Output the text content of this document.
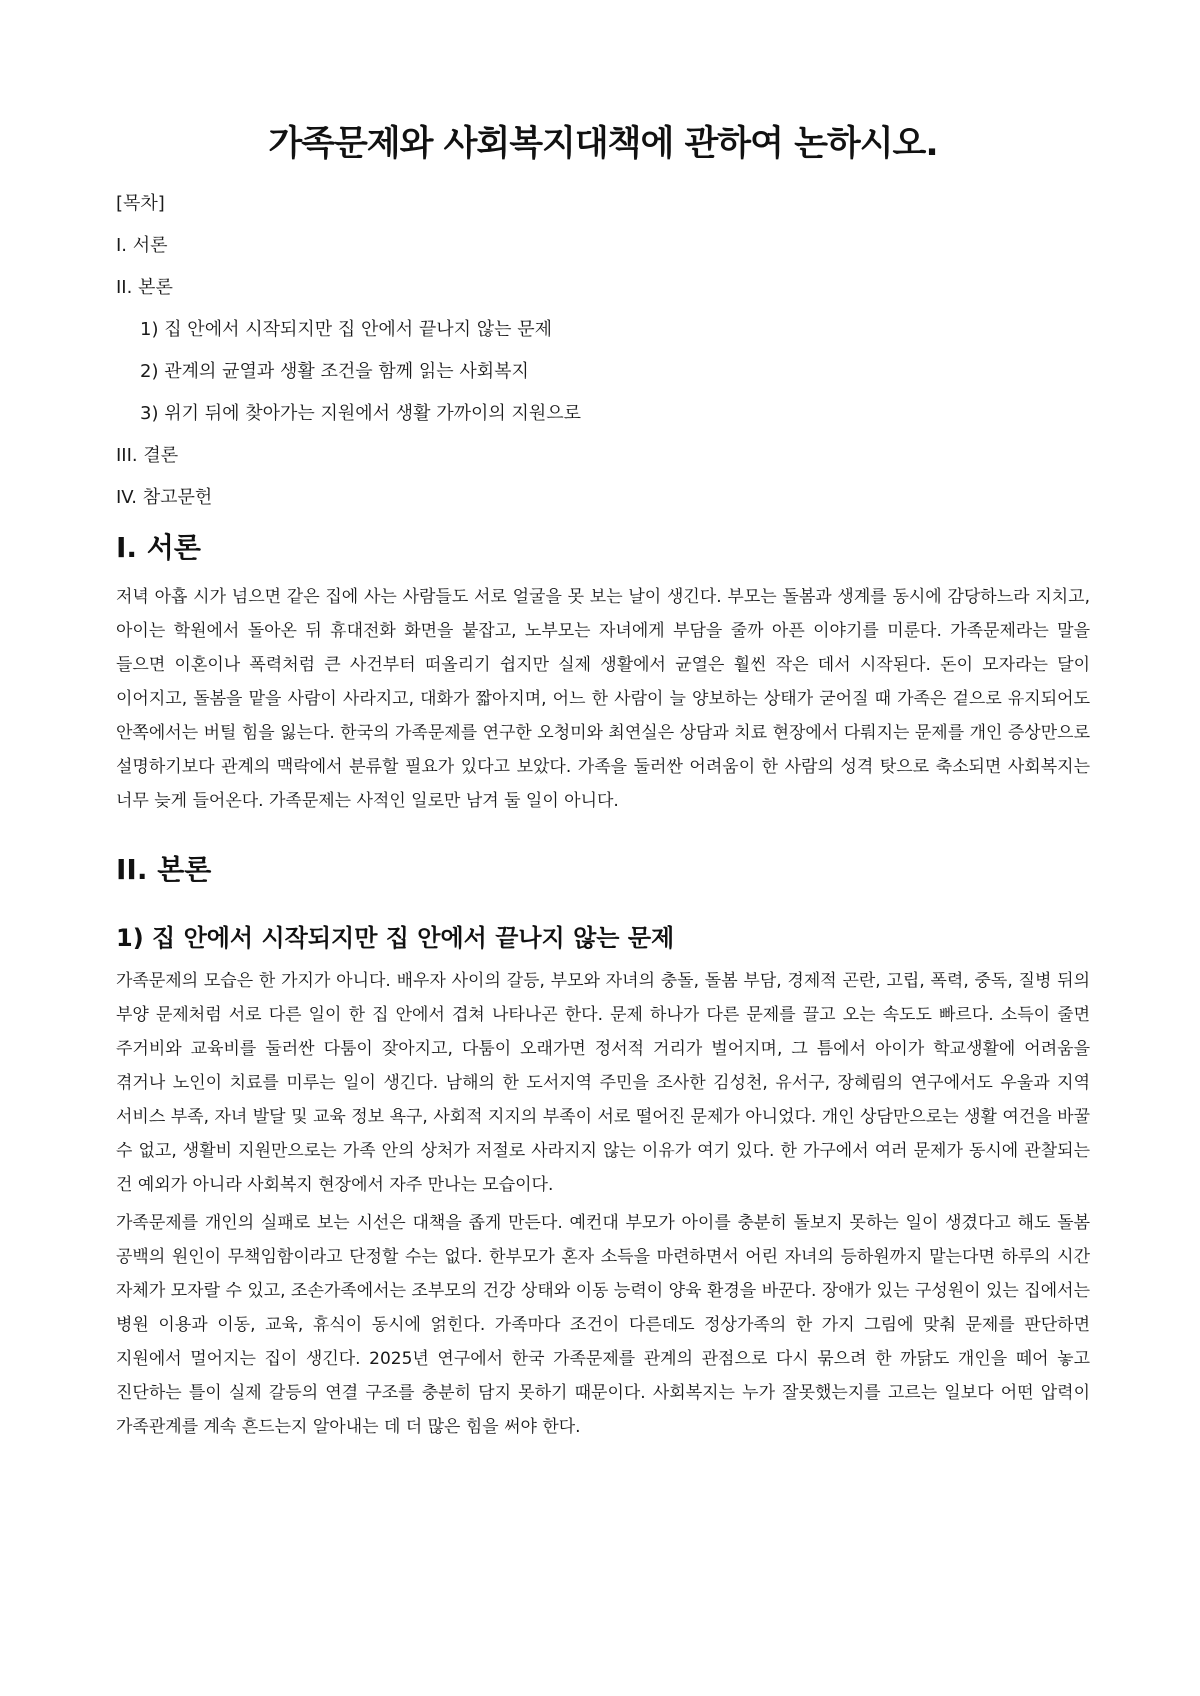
가족문제와 사회복지대책에 관하여 논하시오.
[목차]
I. 서론
II. 본론
1) 집 안에서 시작되지만 집 안에서 끝나지 않는 문제
2) 관계의 균열과 생활 조건을 함께 읽는 사회복지
3) 위기 뒤에 찾아가는 지원에서 생활 가까이의 지원으로
III. 결론
IV. 참고문헌
I. 서론

저녁 아홉 시가 넘으면 같은 집에 사는 사람들도 서로 얼굴을 못 보는 날이 생긴다. 부모는 돌봄과 생계를 동시에 감당하느라 지치고, 아이는 학원에서 돌아온 뒤 휴대전화 화면을 붙잡고, 노부모는 자녀에게 부담을 줄까 아픈 이야기를 미룬다. 가족문제라는 말을 들으면 이혼이나 폭력처럼 큰 사건부터 떠올리기 쉽지만 실제 생활에서 균열은 훨씬 작은 데서 시작된다. 돈이 모자라는 달이 이어지고, 돌봄을 맡을 사람이 사라지고, 대화가 짧아지며, 어느 한 사람이 늘 양보하는 상태가 굳어질 때 가족은 겉으로 유지되어도 안쪽에서는 버틸 힘을 잃는다. 한국의 가족문제를 연구한 오청미와 최연실은 상담과 치료 현장에서 다뤄지는 문제를 개인 증상만으로 설명하기보다 관계의 맥락에서 분류할 필요가 있다고 보았다. 가족을 둘러싼 어려움이 한 사람의 성격 탓으로 축소되면 사회복지는 너무 늦게 들어온다. 가족문제는 사적인 일로만 남겨 둘 일이 아니다.

II. 본론
1) 집 안에서 시작되지만 집 안에서 끝나지 않는 문제

가족문제의 모습은 한 가지가 아니다. 배우자 사이의 갈등, 부모와 자녀의 충돌, 돌봄 부담, 경제적 곤란, 고립, 폭력, 중독, 질병 뒤의 부양 문제처럼 서로 다른 일이 한 집 안에서 겹쳐 나타나곤 한다. 문제 하나가 다른 문제를 끌고 오는 속도도 빠르다. 소득이 줄면 주거비와 교육비를 둘러싼 다툼이 잦아지고, 다툼이 오래가면 정서적 거리가 벌어지며, 그 틈에서 아이가 학교생활에 어려움을 겪거나 노인이 치료를 미루는 일이 생긴다. 남해의 한 도서지역 주민을 조사한 김성천, 유서구, 장혜림의 연구에서도 우울과 지역 서비스 부족, 자녀 발달 및 교육 정보 욕구, 사회적 지지의 부족이 서로 떨어진 문제가 아니었다. 개인 상담만으로는 생활 여건을 바꿀 수 없고, 생활비 지원만으로는 가족 안의 상처가 저절로 사라지지 않는 이유가 여기 있다. 한 가구에서 여러 문제가 동시에 관찰되는 건 예외가 아니라 사회복지 현장에서 자주 만나는 모습이다.

가족문제를 개인의 실패로 보는 시선은 대책을 좁게 만든다. 예컨대 부모가 아이를 충분히 돌보지 못하는 일이 생겼다고 해도 돌봄 공백의 원인이 무책임함이라고 단정할 수는 없다. 한부모가 혼자 소득을 마련하면서 어린 자녀의 등하원까지 맡는다면 하루의 시간 자체가 모자랄 수 있고, 조손가족에서는 조부모의 건강 상태와 이동 능력이 양육 환경을 바꾼다. 장애가 있는 구성원이 있는 집에서는 병원 이용과 이동, 교육, 휴식이 동시에 얽힌다. 가족마다 조건이 다른데도 정상가족의 한 가지 그림에 맞춰 문제를 판단하면 지원에서 멀어지는 집이 생긴다. 2025년 연구에서 한국 가족문제를 관계의 관점으로 다시 묶으려 한 까닭도 개인을 떼어 놓고 진단하는 틀이 실제 갈등의 연결 구조를 충분히 담지 못하기 때문이다. 사회복지는 누가 잘못했는지를 고르는 일보다 어떤 압력이 가족관계를 계속 흔드는지 알아내는 데 더 많은 힘을 써야 한다.
